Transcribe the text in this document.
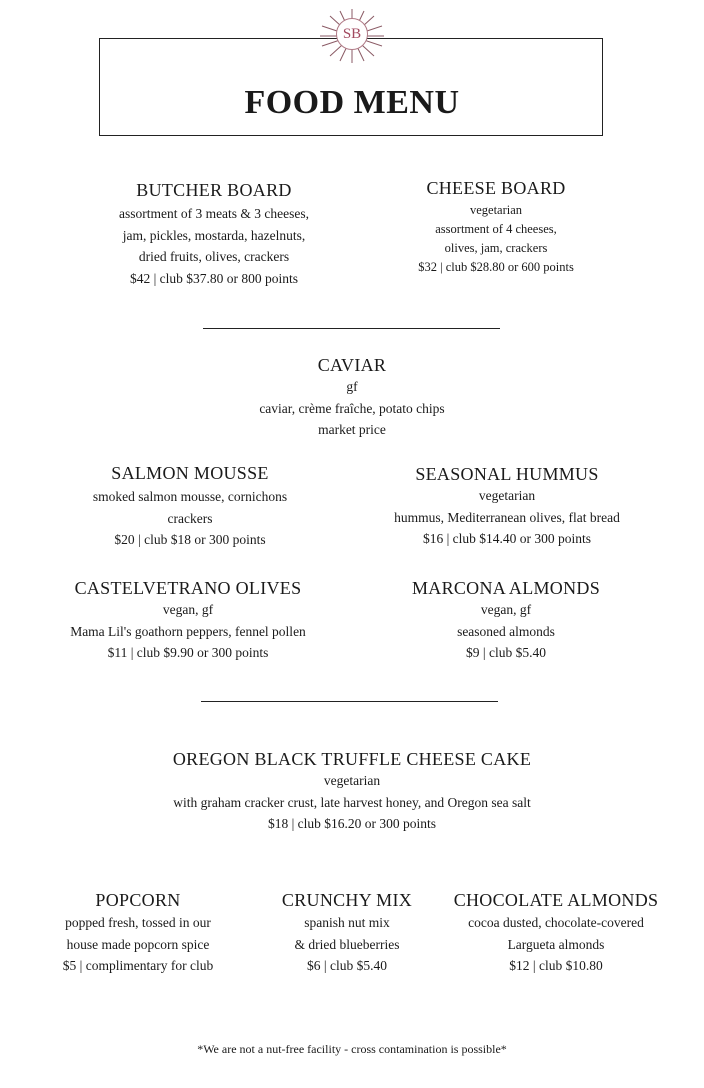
SB
FOOD MENU
BUTCHER BOARD
assortment of 3 meats & 3 cheeses,
jam, pickles, mostarda, hazelnuts,
dried fruits, olives, crackers
$42 | club $37.80 or 800 points
CHEESE BOARD
vegetarian
assortment of 4 cheeses,
olives, jam, crackers
$32 | club $28.80 or 600 points
CAVIAR
gf
caviar, crème fraîche, potato chips
market price
SALMON MOUSSE
smoked salmon mousse, cornichons
crackers
$20 | club $18 or 300 points
SEASONAL HUMMUS
vegetarian
hummus, Mediterranean olives, flat bread
$16 | club $14.40 or 300 points
CASTELVETRANO OLIVES
vegan, gf
Mama Lil's goathorn peppers, fennel pollen
$11 | club $9.90 or 300 points
MARCONA ALMONDS
vegan, gf
seasoned almonds
$9 | club $5.40
OREGON BLACK TRUFFLE CHEESE CAKE
vegetarian
with graham cracker crust, late harvest honey, and Oregon sea salt
$18 | club $16.20 or 300 points
POPCORN
popped fresh, tossed in our
house made popcorn spice
$5 | complimentary for club
CRUNCHY MIX
spanish nut mix
& dried blueberries
$6 | club $5.40
CHOCOLATE ALMONDS
cocoa dusted, chocolate-covered
Largueta almonds
$12 | club $10.80
*We are not a nut-free facility - cross contamination is possible*
